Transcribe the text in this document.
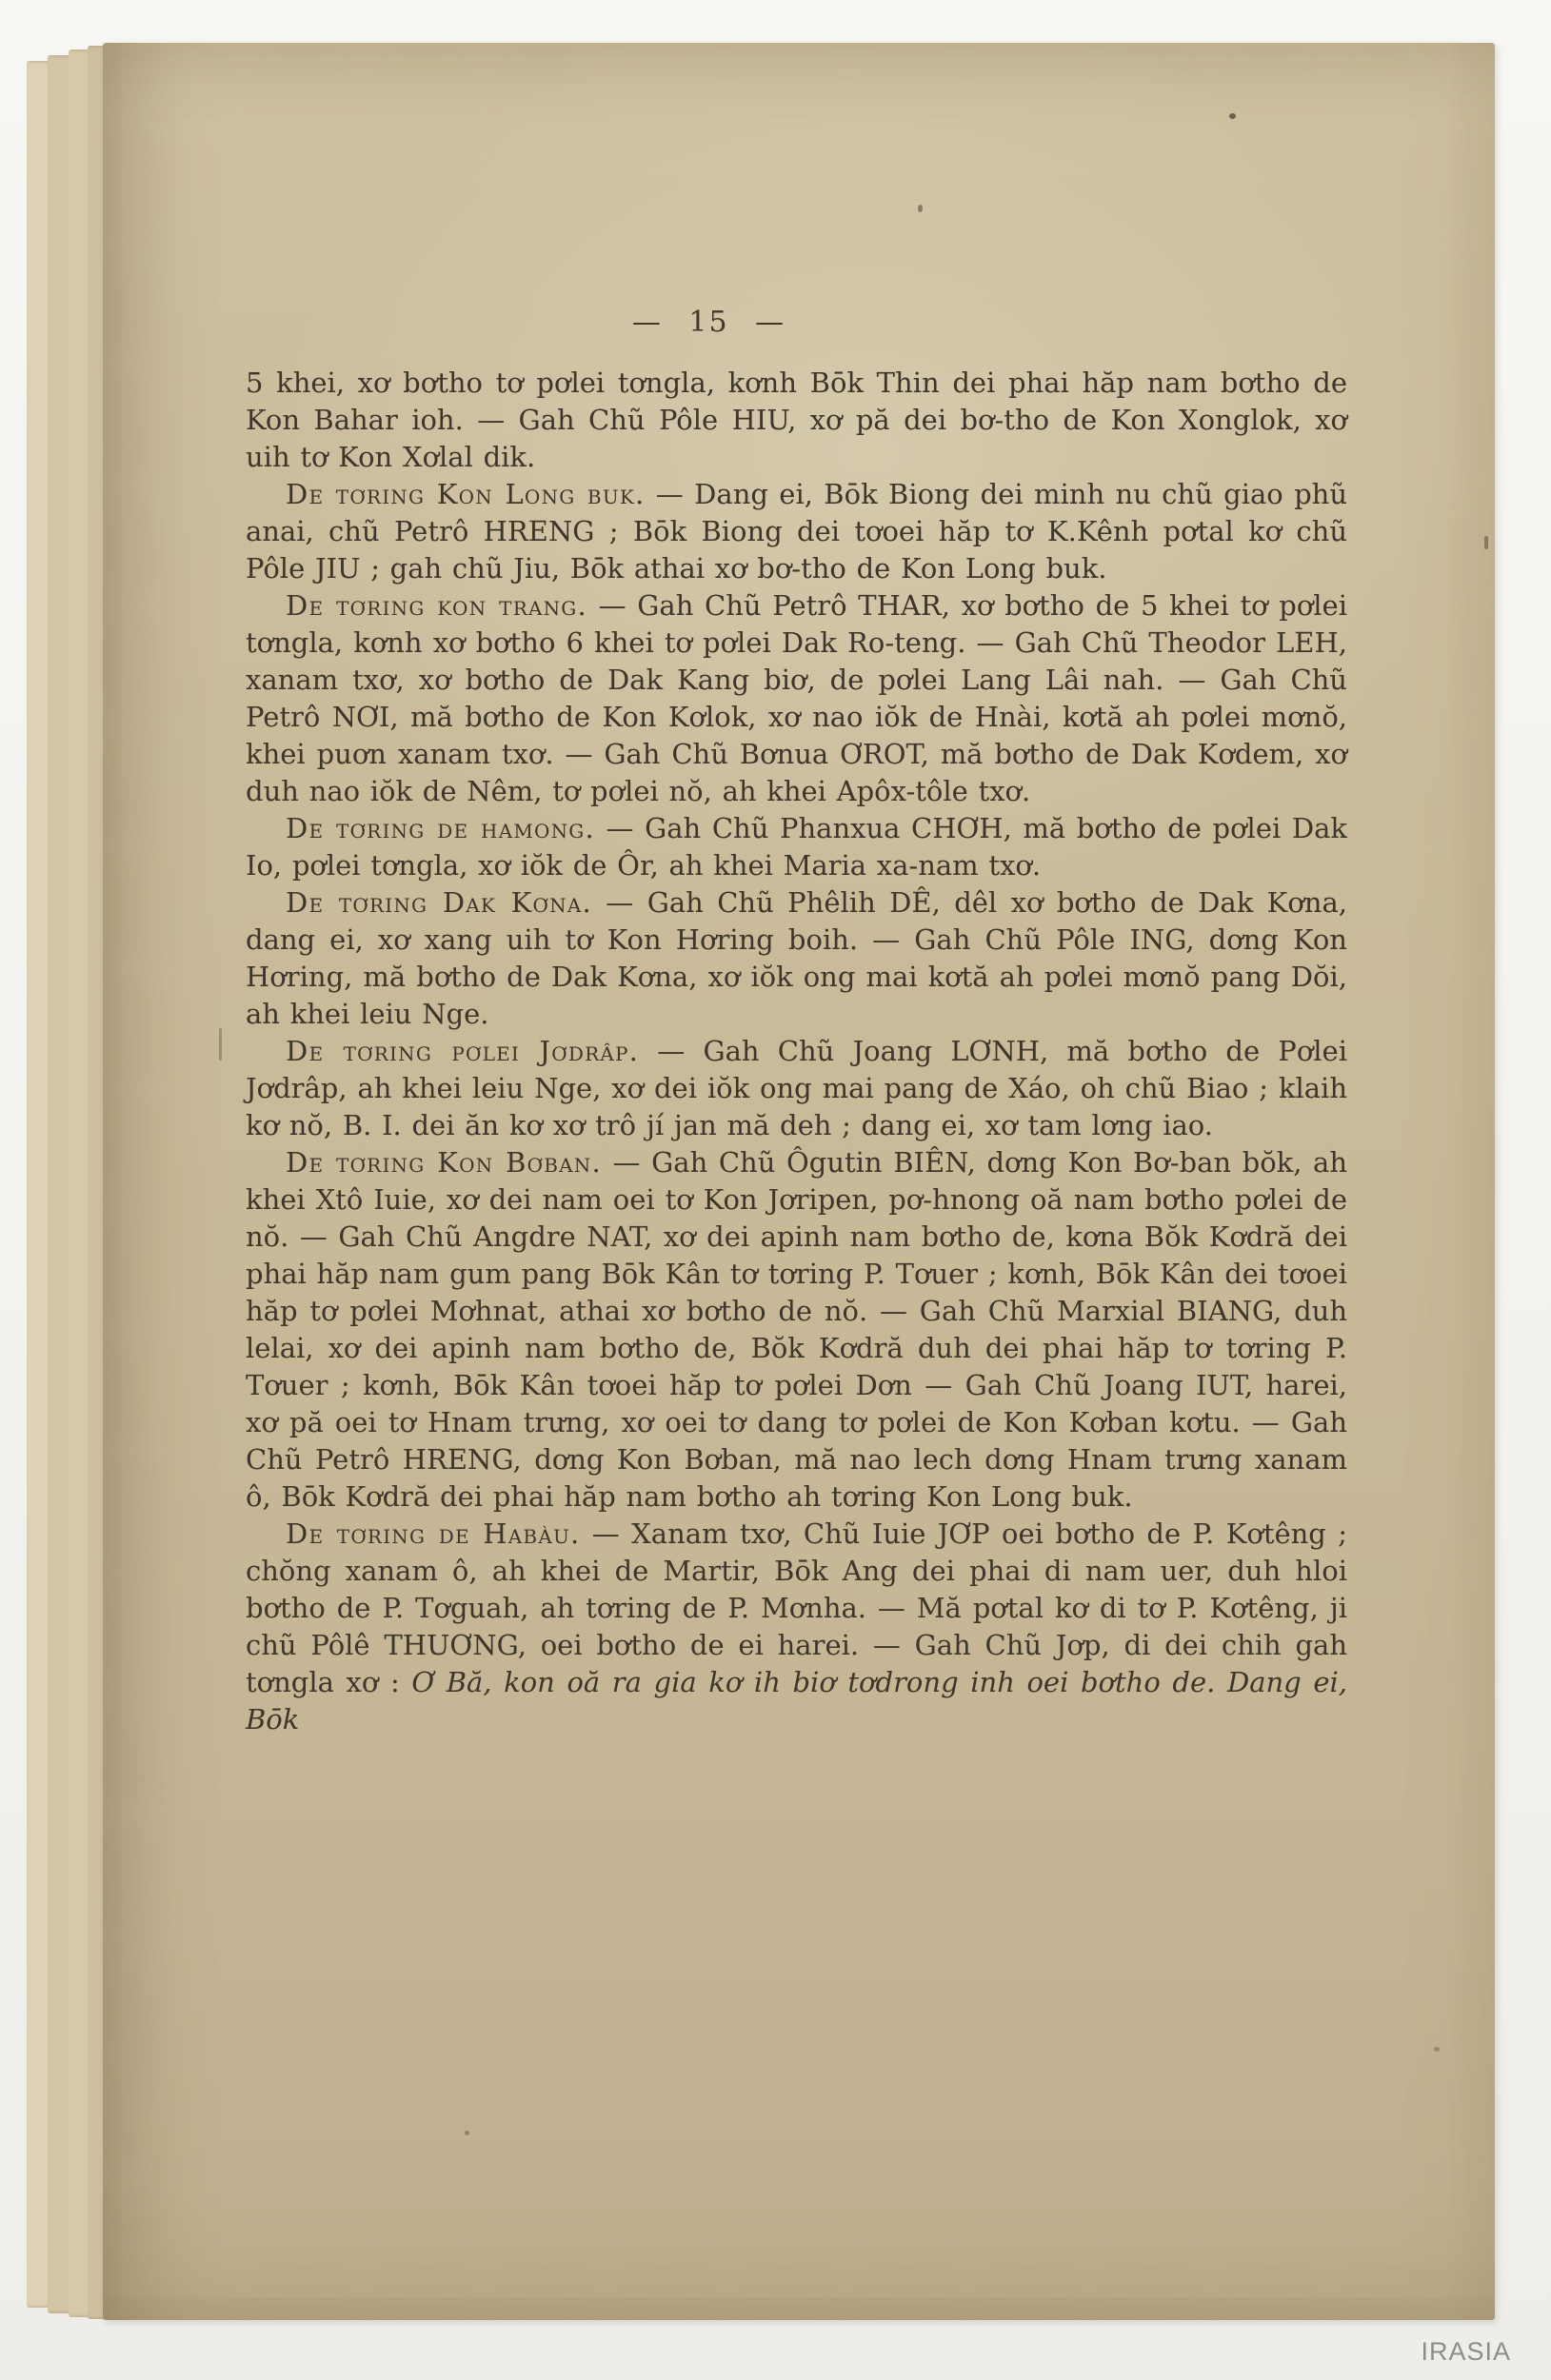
— 15 —

5 khei, xơ bơtho tơ pơlei tơngla, kơnh Bōk Thin dei phai hăp nam bơtho de Kon Bahar ioh. — Gah Chũ Pôle HIU, xơ pă dei bơ-tho de Kon Xonglok, xơ uih tơ Kon Xơlal dik.

De tơring Kon Long buk. — Dang ei, Bōk Biong dei minh nu chũ giao phũ anai, chũ Petrô HRENG ; Bōk Biong dei tơoei hăp tơ K.Kênh pơtal kơ chũ Pôle JIU ; gah chũ Jiu, Bōk athai xơ bơ-tho de Kon Long buk.

De tơring kon trang. — Gah Chũ Petrô THAR, xơ bơtho de 5 khei tơ pơlei tơngla, kơnh xơ bơtho 6 khei tơ pơlei Dak Ro-teng. — Gah Chũ Theodor LEH, xanam txơ, xơ bơtho de Dak Kang biơ, de pơlei Lang Lâi nah. — Gah Chũ Petrô NƠI, mă bơtho de Kon Kơlok, xơ nao iŏk de Hnài, kơtă ah pơlei mơnŏ, khei puơn xanam txơ. — Gah Chũ Bơnua ƠROT, mă bơtho de Dak Kơdem, xơ duh nao iŏk de Nêm, tơ pơlei nŏ, ah khei Apôx-tôle txơ.

De tơring de hamong. — Gah Chũ Phanxua CHƠH, mă bơtho de pơlei Dak Io, pơlei tơngla, xơ iŏk de Ôr, ah khei Maria xa-nam txơ.

De tơring Dak Kơna. — Gah Chũ Phêlih DÊ, dêl xơ bơtho de Dak Kơna, dang ei, xơ xang uih tơ Kon Hơring boih. — Gah Chũ Pôle ING, dơng Kon Hơring, mă bơtho de Dak Kơna, xơ iŏk ong mai kơtă ah pơlei mơnŏ pang Dŏi, ah khei leiu Nge.

De tơring pơlei Jơdrâp. — Gah Chũ Joang LƠNH, mă bơtho de Pơlei Jơdrâp, ah khei leiu Nge, xơ dei iŏk ong mai pang de Xáo, oh chũ Biao ; klaih kơ nŏ, B. I. dei ăn kơ xơ trô jí jan mă deh ; dang ei, xơ tam lơng iao.

De tơring Kon Bơban. — Gah Chũ Ôgutin BIÊN, dơng Kon Bơ-ban bŏk, ah khei Xtô Iuie, xơ dei nam oei tơ Kon Jơripen, pơ-hnong oă nam bơtho pơlei de nŏ. — Gah Chũ Angdre NAT, xơ dei apinh nam bơtho de, kơna Bŏk Kơdră dei phai hăp nam gum pang Bōk Kân tơ tơring P. Tơuer ; kơnh, Bōk Kân dei tơoei hăp tơ pơlei Mơhnat, athai xơ bơtho de nŏ. — Gah Chũ Marxial BIANG, duh lelai, xơ dei apinh nam bơtho de, Bŏk Kơdră duh dei phai hăp tơ tơring P. Tơuer ; kơnh, Bōk Kân tơoei hăp tơ pơlei Dơn — Gah Chũ Joang IUT, harei, xơ pă oei tơ Hnam trưng, xơ oei tơ dang tơ pơlei de Kon Kơban kơtu. — Gah Chũ Petrô HRENG, dơng Kon Bơban, mă nao lech dơng Hnam trưng xanam ô, Bōk Kơdră dei phai hăp nam bơtho ah tơring Kon Long buk.

De tơring de Habàu. — Xanam txơ, Chũ Iuie JƠP oei bơtho de P. Kơtêng ; chŏng xanam ô, ah khei de Martir, Bōk Ang dei phai di nam uer, duh hloi bơtho de P. Tơguah, ah tơring de P. Mơnha. — Mă pơtal kơ di tơ P. Kơtêng, ji chũ Pôlê THUƠNG, oei bơtho de ei harei. — Gah Chũ Jơp, di dei chih gah tơngla xơ : Ơ Bă, kon oă ra gia kơ ih biơ tơdrong inh oei bơtho de. Dang ei, Bōk

IRASIA
